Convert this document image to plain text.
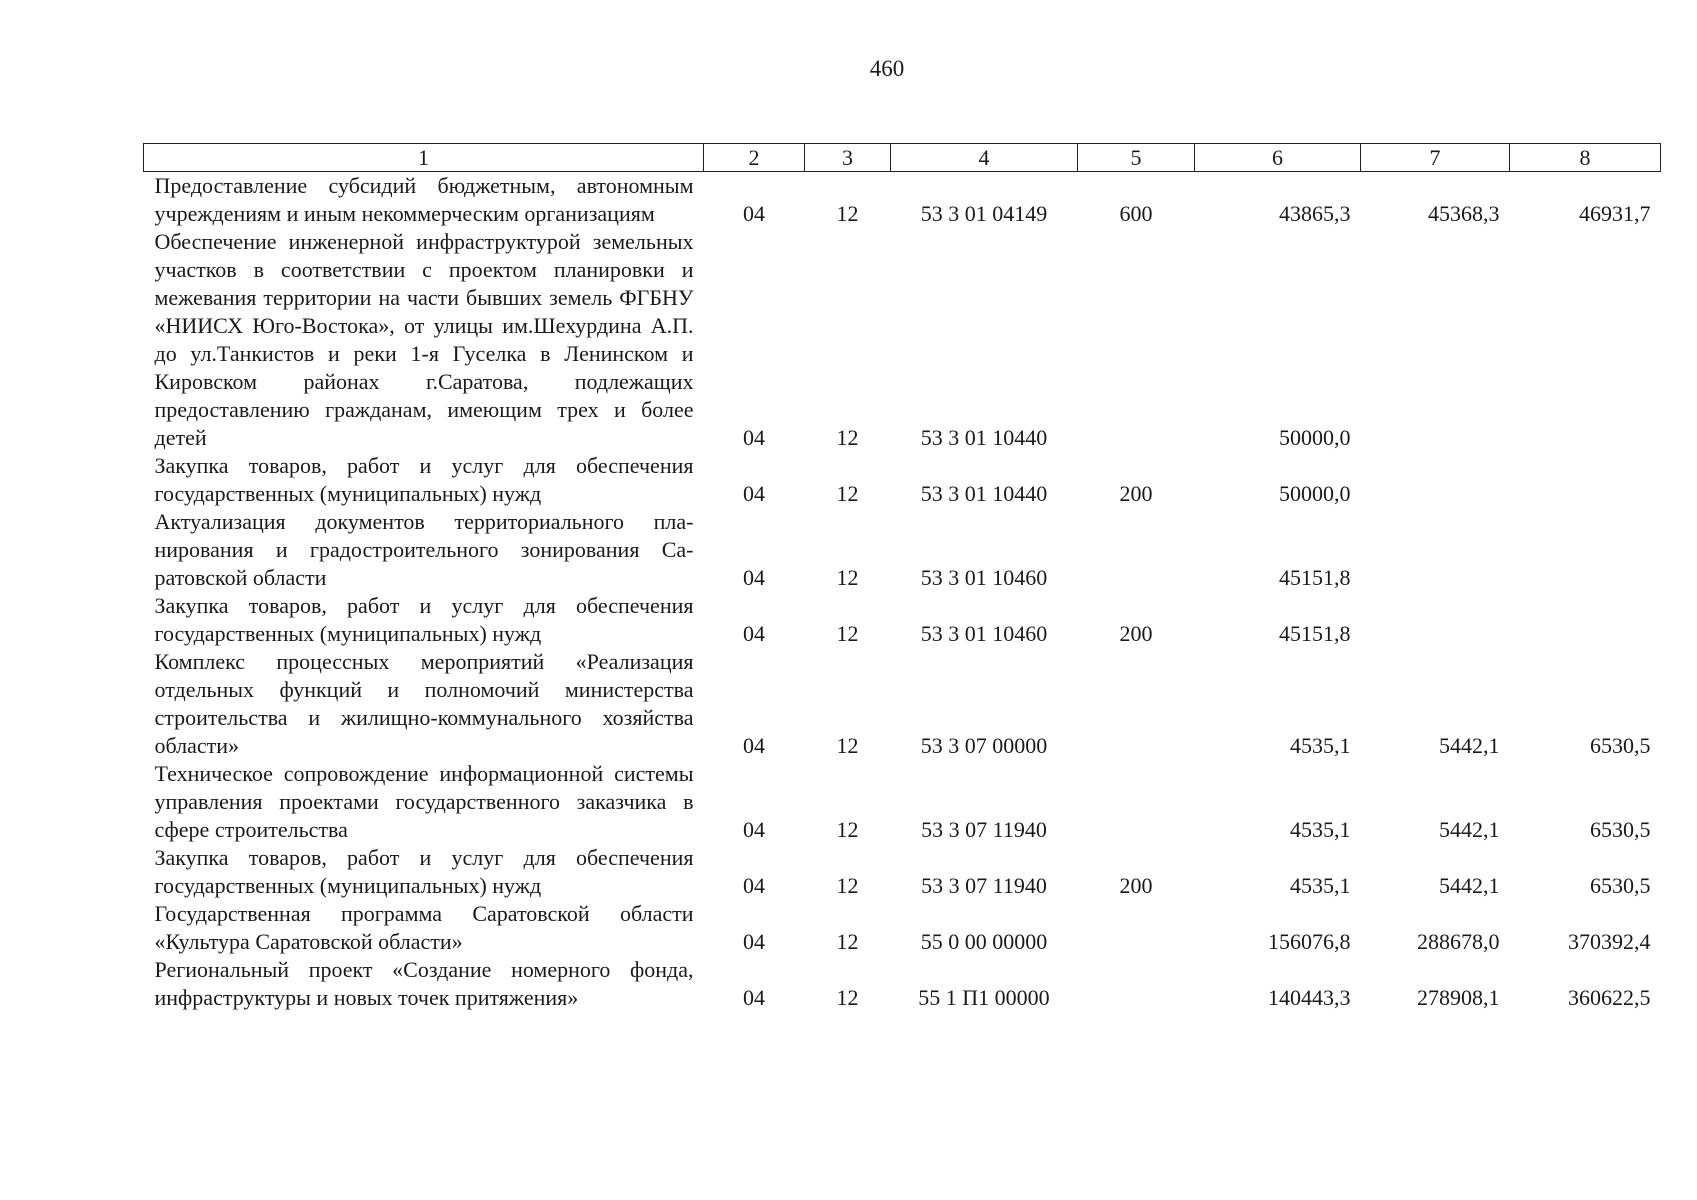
460
1	2	3	4	5	6	7	8
Предоставление субсидий бюджетным, автономным учреждениям и иным некоммерческим организациям	04	12	53 3 01 04149	600	43865,3	45368,3	46931,7
Обеспечение инженерной инфраструктурой земельных участков в соответствии с проектом планировки и межевания территории на части бывших земель ФГБНУ «НИИСХ Юго-Востока», от улицы им.Шехурдина А.П. до ул.Танкистов и реки 1-я Гуселка в Ленинском и Кировском районах г.Саратова, подлежащих предоставлению гражданам, имеющим трех и более детей	04	12	53 3 01 10440		50000,0		
Закупка товаров, работ и услуг для обеспечения государственных (муниципальных) нужд	04	12	53 3 01 10440	200	50000,0		
Актуализация документов территориального планирования и градостроительного зонирования Саратовской области	04	12	53 3 01 10460		45151,8		
Закупка товаров, работ и услуг для обеспечения государственных (муниципальных) нужд	04	12	53 3 01 10460	200	45151,8		
Комплекс процессных мероприятий «Реализация отдельных функций и полномочий министерства строительства и жилищно-коммунального хозяйства области»	04	12	53 3 07 00000		4535,1	5442,1	6530,5
Техническое сопровождение информационной системы управления проектами государственного заказчика в сфере строительства	04	12	53 3 07 11940		4535,1	5442,1	6530,5
Закупка товаров, работ и услуг для обеспечения государственных (муниципальных) нужд	04	12	53 3 07 11940	200	4535,1	5442,1	6530,5
Государственная программа Саратовской области «Культура Саратовской области»	04	12	55 0 00 00000		156076,8	288678,0	370392,4
Региональный проект «Создание номерного фонда, инфраструктуры и новых точек притяжения»	04	12	55 1 П1 00000		140443,3	278908,1	360622,5
